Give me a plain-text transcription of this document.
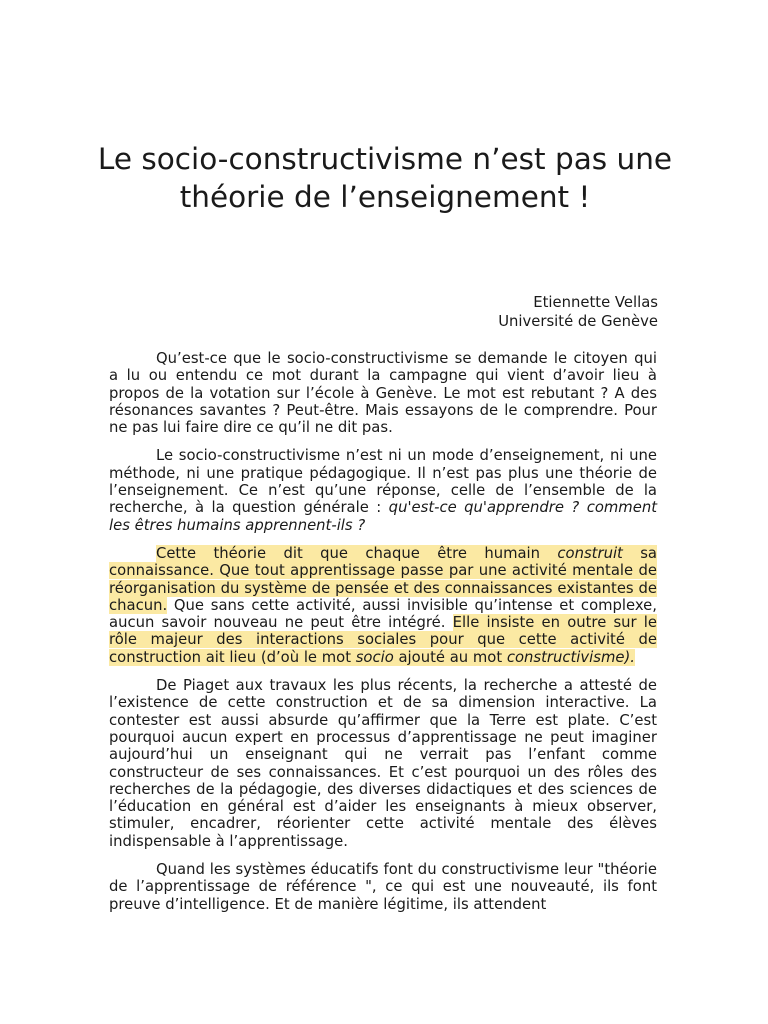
Le socio-constructivisme n’est pas une théorie de l’enseignement !
Etiennette Vellas
Université de Genève

Qu’est-ce que le socio-constructivisme se demande le citoyen qui a lu ou entendu ce mot durant la campagne qui vient d’avoir lieu à propos de la votation sur l’école à Genève. Le mot est rebutant ? A des résonances savantes ? Peut-être. Mais essayons de le comprendre. Pour ne pas lui faire dire ce qu’il ne dit pas.

Le socio-constructivisme n’est ni un mode d’enseignement, ni une méthode, ni une pratique pédagogique. Il n’est pas plus une théorie de l’enseignement. Ce n’est qu’une réponse, celle de l’ensemble de la recherche, à la question générale : qu'est-ce qu'apprendre ? comment les êtres humains apprennent-ils ?

Cette théorie dit que chaque être humain construit sa connaissance. Que tout apprentissage passe par une activité mentale de réorganisation du système de pensée et des connaissances existantes de chacun. Que sans cette activité, aussi invisible qu’intense et complexe, aucun savoir nouveau ne peut être intégré. Elle insiste en outre sur le rôle majeur des interactions sociales pour que cette activité de construction ait lieu (d’où le mot socio ajouté au mot constructivisme).

De Piaget aux travaux les plus récents, la recherche a attesté de l’existence de cette construction et de sa dimension interactive. La contester est aussi absurde qu’affirmer que la Terre est plate. C’est pourquoi aucun expert en processus d’apprentissage ne peut imaginer aujourd’hui un enseignant qui ne verrait pas l’enfant comme constructeur de ses connaissances. Et c’est pourquoi un des rôles des recherches de la pédagogie, des diverses didactiques et des sciences de l’éducation en général est d’aider les enseignants à mieux observer, stimuler, encadrer, réorienter cette activité mentale des élèves indispensable à l’apprentissage.

Quand les systèmes éducatifs font du constructivisme leur "théorie de l’apprentissage de référence ", ce qui est une nouveauté, ils font preuve d’intelligence. Et de manière légitime, ils attendent
